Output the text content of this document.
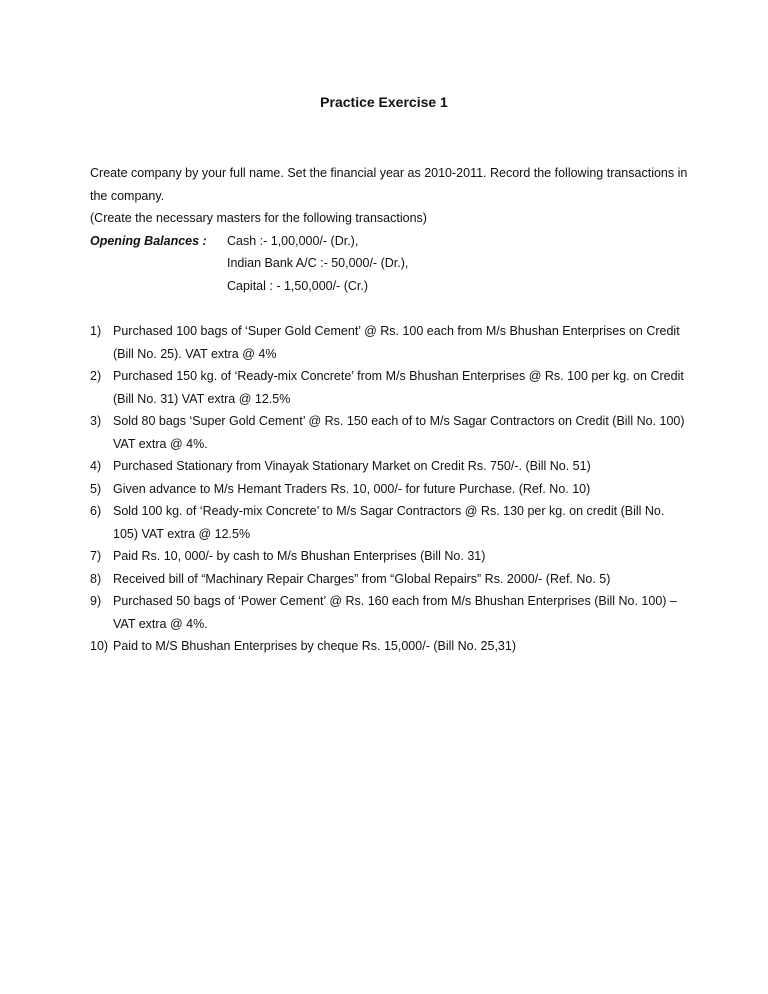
Practice Exercise 1

Create company by your full name. Set the financial year as 2010-2011. Record the following transactions in the company.

(Create the necessary masters for the following transactions)

Opening Balances :	Cash :- 1,00,000/- (Dr.),
Indian Bank A/C :- 50,000/- (Dr.),
Capital : - 1,50,000/- (Cr.)
1) Purchased 100 bags of ‘Super Gold Cement’ @ Rs. 100 each from M/s Bhushan Enterprises on Credit (Bill No. 25). VAT extra @ 4%
2) Purchased 150 kg. of ‘Ready-mix Concrete’ from M/s Bhushan Enterprises @ Rs. 100 per kg. on Credit (Bill No. 31) VAT extra @ 12.5%
3) Sold 80 bags ‘Super Gold Cement’ @ Rs. 150 each of to M/s Sagar Contractors on Credit (Bill No. 100) VAT extra @ 4%.
4) Purchased Stationary from Vinayak Stationary Market on Credit Rs. 750/-. (Bill No. 51)
5) Given advance to M/s Hemant Traders Rs. 10, 000/- for future Purchase. (Ref. No. 10)
6) Sold 100 kg. of ‘Ready-mix Concrete’ to M/s Sagar Contractors @ Rs. 130 per kg. on credit (Bill No. 105) VAT extra @ 12.5%
7) Paid Rs. 10, 000/- by cash to M/s Bhushan Enterprises (Bill No. 31)
8) Received bill of “Machinary Repair Charges” from “Global Repairs” Rs. 2000/- (Ref. No. 5)
9) Purchased 50 bags of ‘Power Cement’ @ Rs. 160 each from M/s Bhushan Enterprises (Bill No. 100) – VAT extra @ 4%.
10) Paid to M/S Bhushan Enterprises by cheque Rs. 15,000/- (Bill No. 25,31)
